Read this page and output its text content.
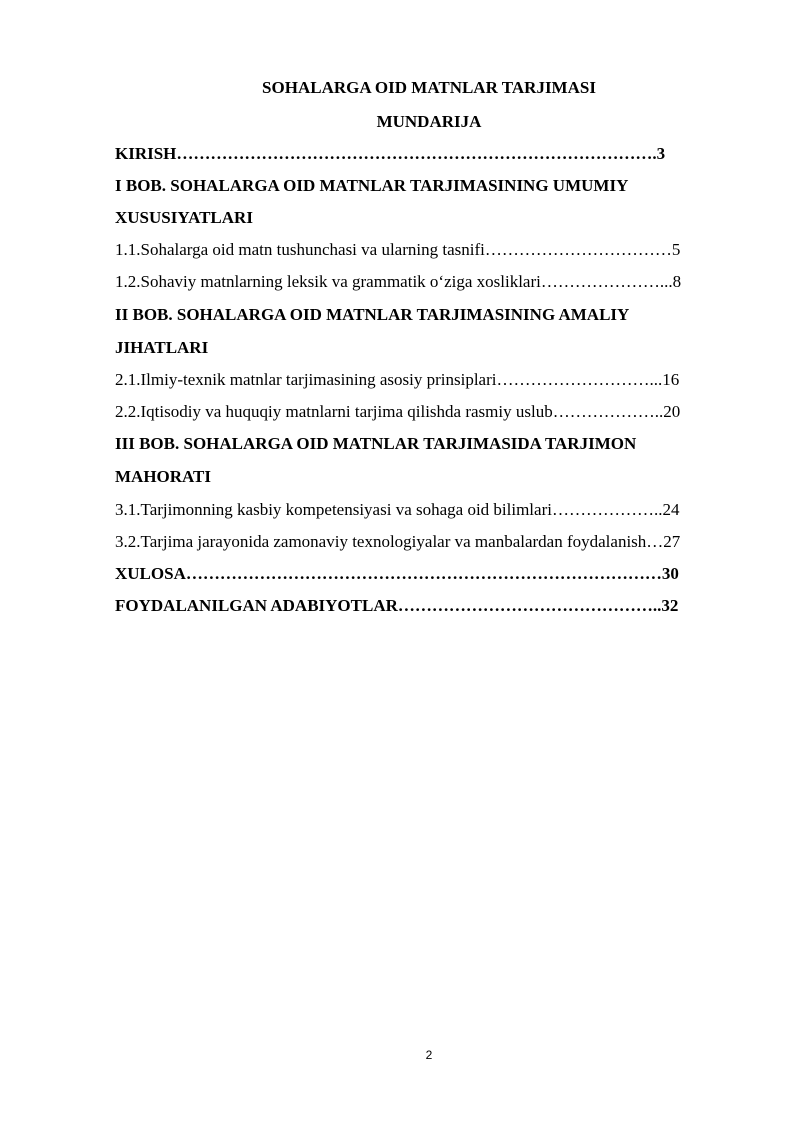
SOHALARGA OID MATNLAR TARJIMASI
MUNDARIJA
KIRISH………………………………………………………………………….3
I BOB. SOHALARGA OID MATNLAR TARJIMASINING UMUMIY
XUSUSIYATLARI
1.1.Sohalarga oid matn tushunchasi va ularning tasnifi……………………………5
1.2.Sohaviy matnlarning leksik va grammatik o‘ziga xosliklari…………………...8
II BOB. SOHALARGA OID MATNLAR TARJIMASINING AMALIY
JIHATLARI
2.1.Ilmiy-texnik matnlar tarjimasining asosiy prinsiplari………………………...16
2.2.Iqtisodiy va huquqiy matnlarni tarjima qilishda rasmiy uslub………………..20
III BOB. SOHALARGA OID MATNLAR TARJIMASIDA TARJIMON
MAHORATI
3.1.Tarjimonning kasbiy kompetensiyasi va sohaga oid bilimlari………………..24
3.2.Tarjima jarayonida zamonaviy texnologiyalar va manbalardan foydalanish…27
XULOSA…………………………………………………………………………30
FOYDALANILGAN ADABIYOTLAR………………………………………..32
2
